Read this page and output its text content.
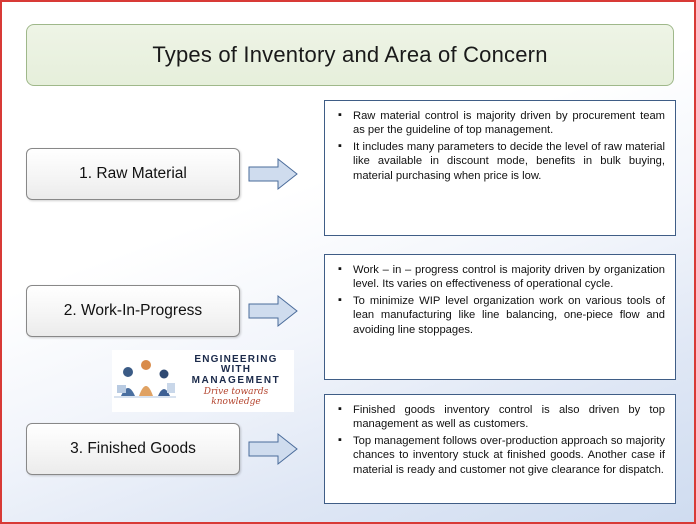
Types of Inventory and Area of Concern
1. Raw Material
▪ Raw material control is majority driven by procurement team as per the guideline of top management.
▪ It includes many parameters to decide the level of raw material like available in discount mode, benefits in bulk buying, material purchasing when price is low.
2. Work-In-Progress
▪ Work – in – progress control is majority driven by organization level. Its varies on effectiveness of operational cycle.
▪ To minimize WIP level organization work on various tools of lean manufacturing like line balancing, one-piece flow and avoiding line stoppages.
3. Finished Goods
▪ Finished goods inventory control is also driven by top management as well as customers.
▪ Top management follows over-production approach so majority chances to inventory stuck at finished goods. Another case if material is ready and customer not give clearance for dispatch.
ENGINEERING WITH
MANAGEMENT
Drive towards knowledge
